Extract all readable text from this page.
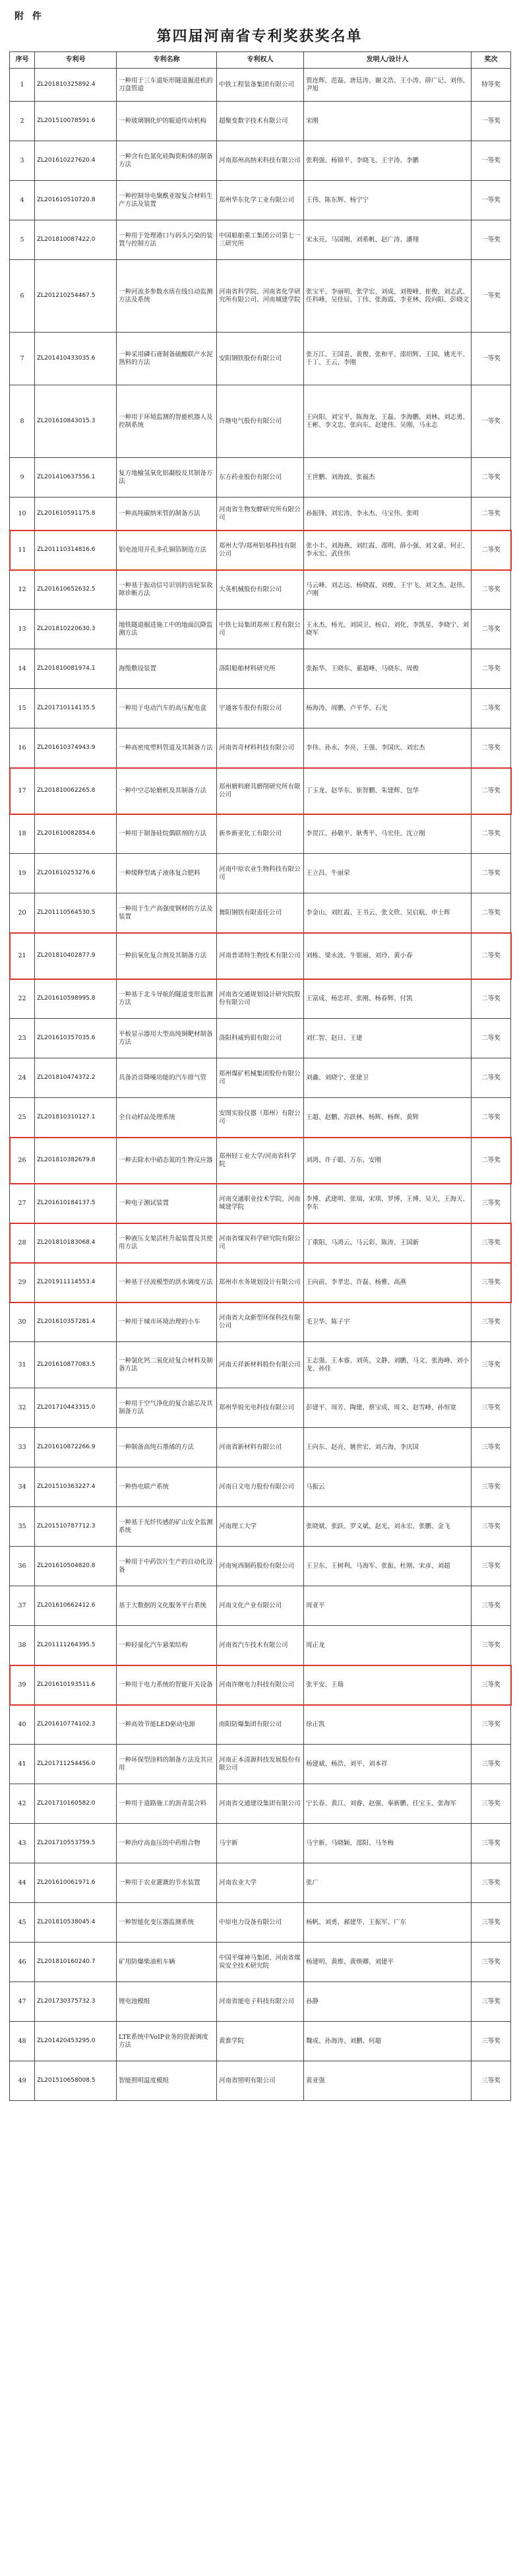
附 件
第四届河南省专利奖获奖名单
序号	专利号	专利名称	专利权人	发明人/设计人	奖次
1	ZL201810325892.4	一种用于三车道矩形隧道掘进机的刀盘管道	中铁工程装备集团有限公司	贾连辉、范磊、唐廷涛、谢文浩、王小涛、薛广记、刘伟、尹旭	特等奖
2	ZL201510078591.6	一种玻璃钢化炉的辊道传动机构	超聚变数字技术有限公司	宋刚	一等奖
3	ZL201610227620.4	一种含有色氮化硅陶瓷粉体的制备方法	河南郑州高纳米科技有限公司	张利强、杨锦平、李晓飞、王宇涛、李鹏	一等奖
4	ZL201610510720.8	一种控制导电聚酰亚胺复合材料生产方法及装置	郑州华东化学工业有限公司	王伟、陈东辉、杨宁宁	一等奖
5	ZL201810087422.0	一种用于处理港口与码头污染的装置与控制方法	中国船舶重工集团公司第七一三研究所	宋永亮、马国刚、刘希帆、赵广涛、潘翔	一等奖
6	ZL201210254467.5	一种河流多参数水质在线自动监测方法及系统	河南省科学院、河南省化学研究所有限公司、河南城建学院	张宝平、李丽明、张学宏、刘成、刘俊峰、崔俊、刘志武、任科峰、吴佳辰、丁伟、张海霞、李亚林、段向阳、彭晓文	一等奖
7	ZL201410433035.6	一种采用磷石膏制备硫酸联产水泥熟料的方法	安阳钢铁股份有限公司	张万江、王国喜、黄俊、张和平、邵绍辉、王国、姚光平、于丁、王云、李刚	一等奖
8	ZL201610843015.3	一种用于环境监测的智能机器人及控制系统	许继电气股份有限公司	王向阳、刘宝平、陈海龙、王磊、李海鹏、刘林、刘志勇、王彬、李文忠、张向东、赵建伟、吴刚、马永志	一等奖
9	ZL201410637556.1	复方地榆氢氧化铝凝胶及其制备方法	东方药业股份有限公司	王世鹏、刘海波、张福杰	二等奖
10	ZL201610591175.8	一种高纯碳纳米管的制备方法	河南省生物发酵研究所有限公司	孙振锋、刘宏涛、李永杰、马宝伟、张明	二等奖
11	ZL201110314816.6	铝电池用开孔多孔铜箔制造方法	郑州大学/郑州铝基科技有限公司	张小丰、刘海燕、刘红霞、邵明、薛小强、刘文豪、何正、李永宏、武佳伟	二等奖
12	ZL201610652632.5	一种基于振动信号识别的齿轮泵故障诊断方法	大英机械股份有限公司	马云峰、刘志远、杨晓霞、刘俊、王宇飞、刘文杰、赵伟、卢刚	二等奖
13	ZL201810220630.3	地铁隧道掘进施工中的地面沉降监测方法	中铁七局集团郑州工程有限公司	王永杰、杨光、刘国卫、杨启、刘化、李凯星、李晓宁、刘晓军	二等奖
14	ZL201810081974.1	海缆敷设装置	洛阳船舶材料研究所	张振华、王晓东、董超峰、马晓东、周俊	二等奖
15	ZL201710114135.5	一种用于电动汽车的高压配电盒	宇通客车股份有限公司	杨海涛、周鹏、卢平华、石光	二等奖
16	ZL201610374943.9	一种高密度塑料管道及其制备方法	河南省奇材料科技有限公司	李伟、孙永、李亮、王强、李国庆、刘宏杰	二等奖
17	ZL201810062265.8	一种中空芯轮磨机及其制备方法	郑州磨料磨具磨削研究所有限公司	丁玉龙、赵华东、崔智鹏、朱建辉、包华	二等奖
18	ZL201610082854.6	一种用于制备硅烷偶联剂的方法	新乡新亚化工有限公司	李贺江、孙敬平、耿秀平、马宏佳、沈立刚	二等奖
19	ZL201610253276.6	一种缓释型离子液体复合肥料	河南中原农业生物科技有限公司	王立昌、牛丽荣	二等奖
20	ZL201110564530.5	一种用于生产高强度钢材的方法及装置	舞阳钢铁有限责任公司	李金山、刘红霞、王书云、张文欣、吴启航、申士辉	二等奖
21	ZL201810402877.9	一种抗氧化复合剂及其制备方法	河南普诺特生物技术有限公司	刘栋、梁永波、牛银丽、刘玲、黄小春	二等奖
22	ZL201610598995.8	一种基于北斗导航的隧道变形监测方法	河南省交通规划设计研究院股份有限公司	王富成、杨忠祥、张刚、杨春辉、付凯	二等奖
23	ZL201610357035.6	平板显示器用大型高纯铜靶材制备方法	洛阳科威钨钼有限公司	刘仁智、赵日、王建	二等奖
24	ZL201810474372.2	具备消音降噪功能的汽车排气管	郑州煤矿机械集团股份有限公司	刘鑫、刘晓宁、张建卫	二等奖
25	ZL201810310127.1	全自动样品处理系统	安图实验仪器（郑州）有限公司	王超、赵鹏、苏跃林、杨辉、杨辉、黄辉	二等奖
26	ZL201810382679.8	一种去除水中硝态氮的生物反应器	郑州轻工业大学/河南省科学院	刘鸿、许子聪、万东、安刚	二等奖
27	ZL201610184137.5	一种电子测试装置	河南交通职业技术学院、河南城建学院	李博、武建明、张瑞、宋琪、罗博、王博、吴天、王海天、李东	三等奖
28	ZL201810183068.4	一种液压支架活柱升起装置及其使用方法	河南省煤炭科学研究院有限公司	丁重阳、马鸿云、马云彩、陈涛、王国新	三等奖
29	ZL201911114553.4	一种基于径流模型的洪水调度方法	郑州市水务规划设计有限公司	王向前、李孝忠、许磊、杨雅、高燕	三等奖
30	ZL201610357281.4	一种用于城市环境治理的小车	河南省大众新型环保科技有限公司	毛卫华、陈子宇	三等奖
31	ZL201610877083.5	一种氯化钙二氧化硅复合材料及制备方法	河南天祥新材料股份有限公司	王志强、王本睿、刘英、文静、刘鹏、马文、张海峰、刘小龙、孙佳	三等奖
32	ZL201710443315.0	一种用于空气净化的复合滤芯及其制备方法	郑州华锐光电科技有限公司	彭建平、周芳、陶建、蔡宝成、周文、赵雪峰、孙恒宽	三等奖
33	ZL201610872266.9	一种制备高纯石墨烯的方法	河南省新材料有限公司	王向东、赵亮、姚世宏、刘占海、李庆国	三等奖
34	ZL201510363227.4	一种热电联产系统	河南日文电力股份有限公司	马振云	三等奖
35	ZL201510787712.3	一种基于光纤传感的矿山安全监测系统	河南理工大学	张晓斌、张跃、罗文斌、赵光、刘永宏、张鹏、金飞	三等奖
36	ZL201610504820.8	一种用于中药饮片生产的自动化设备	河南宛西制药股份有限公司	王卫东、王树利、马海军、张振、杜刚、宋彦、刘超	三等奖
37	ZL201610662412.6	基于大数据的文化服务平台系统	河南文化产业有限公司	周亚平	三等奖
38	ZL201111264395.5	一种轻量化汽车悬架结构	河南省汽车技术有限公司	周正龙	三等奖
39	ZL201610193511.6	一种用于电力系统的智能开关设备	河南许继电力科技有限公司	张平安、王瑞	三等奖
40	ZL201610774102.3	一种高效节能LED驱动电源	南阳防爆集团有限公司	徐正凯	三等奖
41	ZL201711254456.0	一种环保型涂料的制备方法及其应用	河南正本清源科技发展股份有限公司	杨建斌、杨浩、刘平、刘本祥	三等奖
42	ZL201710160582.0	一种用于道路施工的沥青混合料	河南省交通建设集团有限公司	宁长春、黄江、刘睿、赵强、秦新鹏、任宝玉、张海军	三等奖
43	ZL201710553759.5	一种治疗高血压的中药组合物	马宇新	马宇新、马晓颖、邵阳、马冬梅	三等奖
44	ZL201610061971.6	一种用于农业灌溉的节水装置	河南农业大学	张广	三等奖
45	ZL201810538045.4	一种智能化变压器监测系统	中原电力设备有限公司	杨帆、刘勇、郝建华、王振军、广东	三等奖
46	ZL201810160240.7	矿用防爆柴油机车辆	中国平煤神马集团、河南省煤炭安全技术研究院	杨建明、黄维、黄焕卿、刘建平	三等奖
47	ZL201730375732.3	锂电池模组	河南省能电子科技有限公司	孙静	三等奖
48	ZL201420453295.0	LTE系统中VoIP业务的资源调度方法	黄淮学院	魏成、孙海涛、刘鹏、何超	三等奖
49	ZL201510658008.5	智能照明温度模组	河南省照明有限公司	黄亚强	三等奖
